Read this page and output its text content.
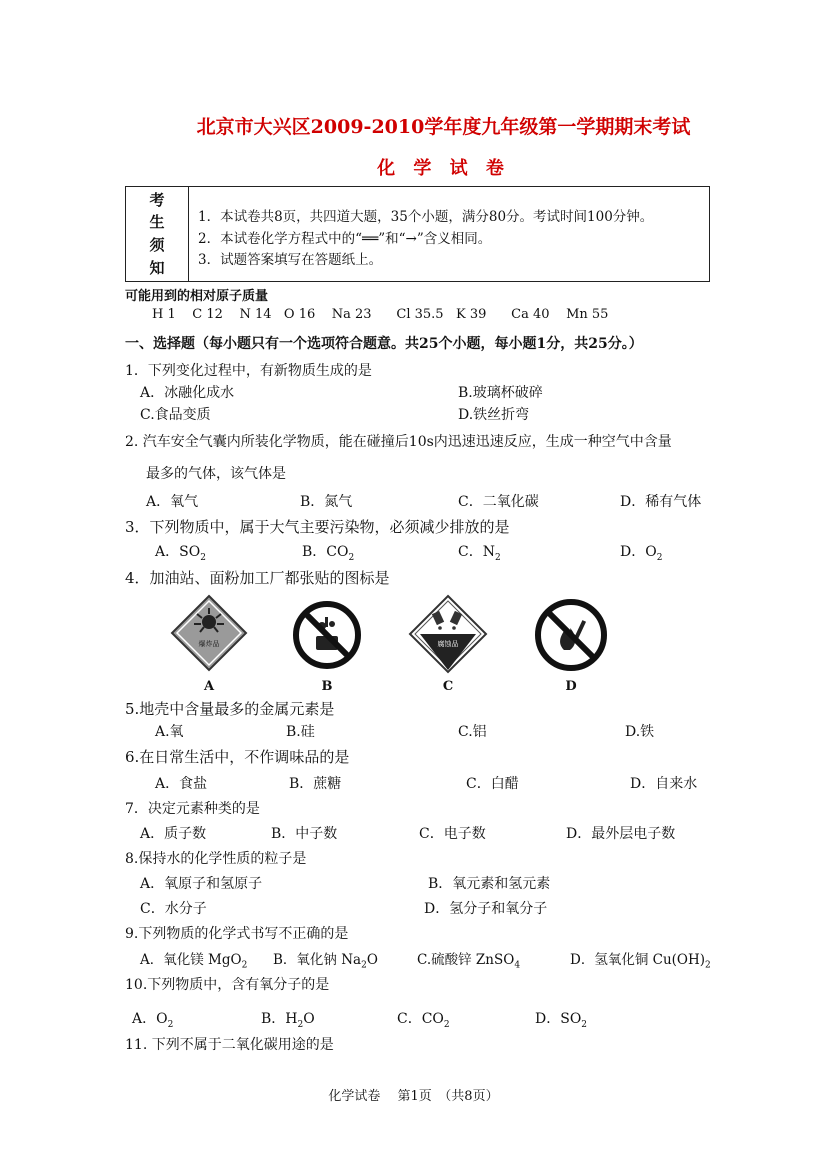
北京市大兴区2009-2010学年度九年级第一学期期末考试
化 学 试 卷
考
生
须
知
1．本试卷共8页，共四道大题，35个小题，满分80分。考试时间100分钟。
2．本试卷化学方程式中的“══”和“→”含义相同。
3．试题答案填写在答题纸上。
可能用到的相对原子质量
H 1 C 12 N 14 O 16 Na 23 Cl 35.5 K 39 Ca 40 Mn 55
一、选择题（每小题只有一个选项符合题意。共25个小题，每小题1分，共25分。）
1．下列变化过程中，有新物质生成的是
A．冰融化成水	B.玻璃杯破碎
C.食品变质	D.铁丝折弯
2. 汽车安全气囊内所装化学物质，能在碰撞后10s内迅速迅速反应，生成一种空气中含量
最多的气体，该气体是
A．氧气	B．氮气	C．二氧化碳	D．稀有气体
3．下列物质中，属于大气主要污染物，必须减少排放的是
A．$SO_2$	B．$CO_2$	C．$N_2$	D．$O_2$
4．加油站、面粉加工厂都张贴的图标是
爆炸品	腐蚀品
A	B	C	D
5.地壳中含量最多的金属元素是
A.氧	B.硅	C.铝	D.铁
6.在日常生活中，不作调味品的是
A．食盐	B．蔗糖	C．白醋	D．自来水
7．决定元素种类的是
A．质子数	B．中子数	C．电子数	D．最外层电子数
8.保持水的化学性质的粒子是
A．氧原子和氢原子	B．氧元素和氢元素
C．水分子	D．氢分子和氧分子
9.下列物质的化学式书写不正确的是
A．氧化镁 MgO$_2$ B．氧化钠 $Na_2O$	C.硫酸锌 ZnSO$_4$	D．氢氧化铜 $Cu(OH)_2$
10.下列物质中，含有氧分子的是
A．$O_2$	B．$H_2O$	C．$CO_2$	D．$SO_2$
11. 下列不属于二氧化碳用途的是
化学试卷　 第1页　（共8页）
